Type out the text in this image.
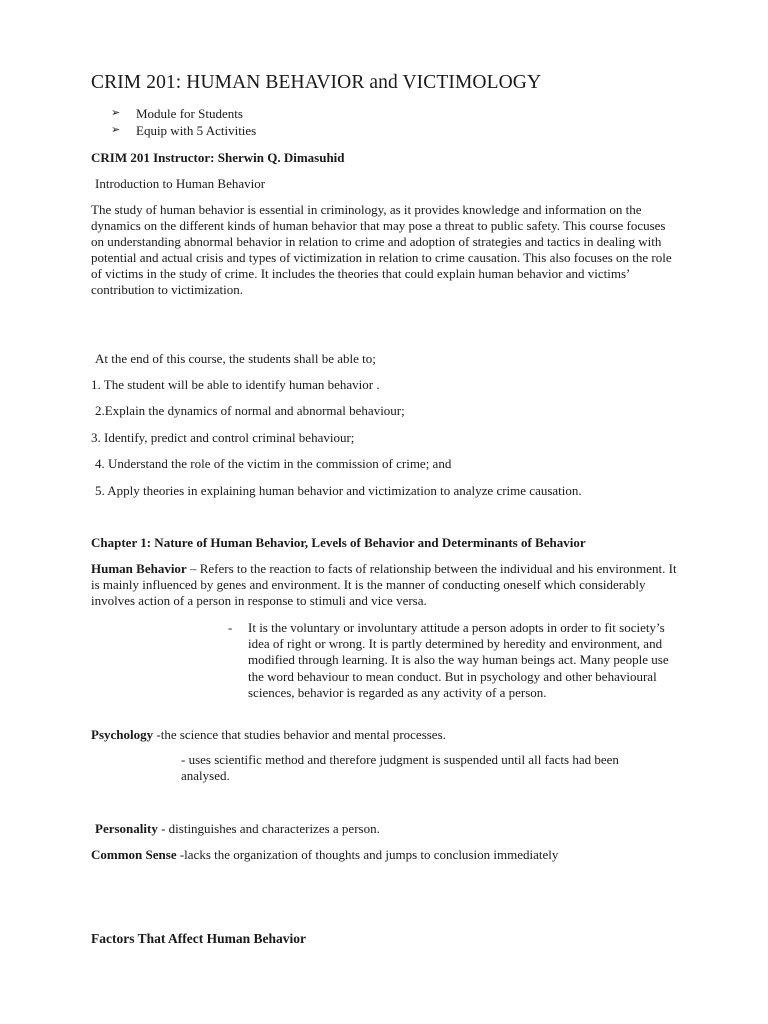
CRIM 201: HUMAN BEHAVIOR and VICTIMOLOGY
➢ Module for Students
➢ Equip with 5 Activities
CRIM 201 Instructor: Sherwin Q. Dimasuhid
Introduction to Human Behavior
The study of human behavior is essential in criminology, as it provides knowledge and information on the dynamics on the different kinds of human behavior that may pose a threat to public safety. This course focuses on understanding abnormal behavior in relation to crime and adoption of strategies and tactics in dealing with potential and actual crisis and types of victimization in relation to crime causation. This also focuses on the role of victims in the study of crime. It includes the theories that could explain human behavior and victims’ contribution to victimization.
At the end of this course, the students shall be able to;
1. The student will be able to identify human behavior .
2.Explain the dynamics of normal and abnormal behaviour;
3. Identify, predict and control criminal behaviour;
4. Understand the role of the victim in the commission of crime; and
5. Apply theories in explaining human behavior and victimization to analyze crime causation.
Chapter 1: Nature of Human Behavior, Levels of Behavior and Determinants of Behavior
Human Behavior – Refers to the reaction to facts of relationship between the individual and his environment. It is mainly influenced by genes and environment. It is the manner of conducting oneself which considerably involves action of a person in response to stimuli and vice versa.
- It is the voluntary or involuntary attitude a person adopts in order to fit society’s idea of right or wrong. It is partly determined by heredity and environment, and modified through learning. It is also the way human beings act. Many people use the word behaviour to mean conduct. But in psychology and other behavioural sciences, behavior is regarded as any activity of a person.
Psychology -the science that studies behavior and mental processes.
- uses scientific method and therefore judgment is suspended until all facts had been analysed.
Personality - distinguishes and characterizes a person.
Common Sense -lacks the organization of thoughts and jumps to conclusion immediately
Factors That Affect Human Behavior
